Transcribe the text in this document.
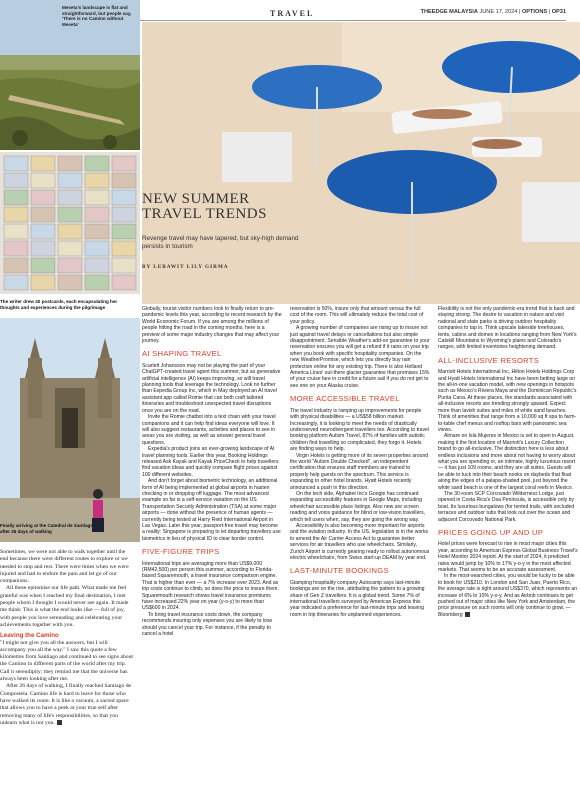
TRAVEL	THEEDGE MALAYSIA JUNE 17, 2024 | OPTIONS | OP31
Meseta's landscape is flat and straightforward, but people say, 'There is no Camino without Meseta'
The writer drew 40 postcards, each encapsulating her thoughts and experiences during the pilgrimage
Finally arriving at the Catedral de Santiago after 26 days of walking

Sometimes, we were not able to walk together until the end because there were different routes to explore or we needed to stop and rest. There were times when we were injured and had to endure the pain and let go of our companions.

All these epitomise our life path. What made me feel grateful was when I reached my final destination, I met people whom I thought I would never see again. It made me think: This is what the end looks like — full of joy, with people you love serenading and celebrating your achievements together with you.

Leaving the Camino

"I might not give you all the answers, but I will accompany you all the way." I saw this quote a few kilometres from Santiago and continued to see signs about the Camino in different parts of the world after my trip. Call it serendipity; they remind me that the universe has always been looking after me.

After 26 days of walking, I finally reached Santiago de Compostela. Camino life is hard to leave for those who have walked its route. It is like a vacuum, a sacred space that allows you to have a peek at your true self after removing many of life's responsibilities, so that you unlearn what is not you. ■

NEW SUMMER
TRAVEL TRENDS
Revenge travel may have tapered, but sky-high demand persists in tourism
BY LEBAWIT LILY GIRMA

Globally, tourist visitor numbers look to finally return to pre-pandemic levels this year, according to recent research by the World Economic Forum. If you are among the millions of people hitting the road in the coming months, here is a preview of some major industry changes that may affect your journey.

AI SHAPING TRAVEL

Scarlett Johansson may not be playing the part of your ChatGPT-created travel agent this summer, but as generative artificial intelligence (AI) keeps improving, so will travel planning tools that leverage the technology. Look no further than Expedia Group Inc, which in May deployed an AI travel assistant app called Romie that can both craft tailored itineraries and troubleshoot unexpected travel disruptions once you are on the road.

Invite the Romie chatbot into a text chain with your travel companions and it can help find ideas everyone will love. It will also suggest restaurants, activities and places to see in areas you are visiting, as well as answer general travel questions.

Expedia's product joins an ever-growing landscape of AI travel planning tools. Earlier this year, Booking Holdings released Ask Kayak and Kayak PriceCheck to help travellers find vacation ideas and quickly compare flight prices against 100 different websites.

And don't forget about biometric technology, an additional form of AI being implemented at global airports in hasten checking in or dropping off luggage. The most advanced example so far is a self-service variation on the US Transportation Security Administration (TSA) at some major airports — done without the presence of human agents — currently being tested at Harry Reid International Airport in Las Vegas. Later this year, passport-free travel may become a reality: Singapore is preparing to let departing travellers use biometrics in lieu of physical ID to clear border control.

FIVE-FIGURE TRIPS

International trips are averaging more than US$9,000 (RM42,500) per person this summer, according to Florida-based Squaremouth, a travel insurance comparison engine. That is higher than ever — a 7% increase over 2023. And as trip costs continue to climb, so does the price to insure them. Squaremouth research shows travel insurance premiums have increased 22% year on year (y-o-y) to more than US$600 in 2024.

To bring travel insurance costs down, the company recommends insuring only expenses you are likely to lose should you cancel your trip. For instance, if the penalty to cancel a hotel

reservation is 50%, insure only that amount versus the full cost of the room. This will ultimately reduce the total cost of your policy.

A growing number of companies are rising up to insure not just against travel delays or cancellations but also simple disappointment. Sensible Weather's add-on guarantee to your reservation ensures you will get a refund if it rains on your trip when you book with specific hospitality companies. On the new WeatherPromise, which lets you directly buy rain protection online for any existing trip. There is also Holland America Lines' out-there glacier guarantee that promises 15% of your cruise fare in credit for a future sail if you do not get to see one on your Alaska cruise.

MORE ACCESSIBLE TRAVEL

The travel industry is ramping up improvements for people with physical disabilities — a US$58 billion market. Increasingly, it is looking to meet the needs of drastically underserved neurodivergent travellers too. According to travel booking platform Autism Travel, 87% of families with autistic children find travelling so complicated, they forgo it. Hotels are finding ways to help.

Virgin Hotels is getting more of its seven properties around the world "Autism Double Checked", an independent certification that ensures staff members are trained to properly help guests on the spectrum. This service is expanding to other hotel brands. Hyatt Hotels recently announced a push in this direction.

On the tech side, Alphabet Inc's Google has continued expanding accessibility features in Google Maps, including wheelchair accessible place listings. Also new are screen reading and voice guidance for blind or low-vision travellers, which tell users when, say, they are going the wrong way.

Accessibility is also becoming more important for airports and the aviation industry. In the US, legislation is in the works to amend the Air Carrier Access Act to guarantee better services for air travellers who use wheelchairs. Similarly, Zurich Airport is currently gearing ready to rollout autonomous electric wheelchairs, from Swiss start-up DEAM by year end.

LAST-MINUTE BOOKINGS

Glamping hospitality company Autocamp says last-minute bookings are on the rise, attributing the pattern to a growing share of Gen Z travellers. It is a global trend. Some 7% of international travellers surveyed by American Express this year indicated a preference for last-minute trips and leaving room in trip itineraries for unplanned experiences.

Flexibility is not the only pandemic-era trend that is back and staying strong. The desire to vacation in nature and visit national and state parks is driving outdoor hospitality companies to tap in. Think upscale lakeside treehouses, tents, cabins and domes in locations ranging from New York's Catskill Mountains to Wyoming's plains and Colorado's ranges, with limited inventories heightening demand.

ALL-INCLUSIVE RESORTS

Marriott Hotels International Inc, Hilton Hotels Holdings Corp and Hyatt Hotels International Inc have been betting large on the all-in-one vacation model, with new openings in hotspots such as Mexico's Riviera Maya and the Dominican Republic's Punta Cana. At these places, the standards associated with all-inclusive resorts are trending strongly upward. Expect more than lavish suites and miles of white sand beaches. Think of amenities that range from a 10,000 sq ft spa to farm-to-table chef menus and rooftop bars with panoramic sea views.

Almare on Isla Mujeres in Mexico is set to open in August, making it the first location of Marriott's Luxury Collection brand to go all-inclusive. The distinction here is less about endless inclusions and more about not having to worry about what you are spending or, an intimate, highly luxurious resort — it has just 109 rooms, and they are all suites. Guests will be able to tuck into their beach nooks on daybeds that float along the edges of a palapa-shaded pool, just beyond the white sand beach is one of the largest coral reefs in Mexico.

The 30-room SCP Corcovado Wilderness Lodge, just opened in Costa Rica's Osa Peninsula, is accessible only by boat. Its luxurious bungalows (for tented trails, with secluded terraces and outdoor tubs that look out over the ocean and adjacent Corcovado National Park.

PRICES GOING UP AND UP

Hotel prices were forecast to rise in most major cities this year, according to American Express Global Business Travel's Hotel Monitor 2024 report. At the start of 2024, it predicted rates would jump by 10% to 17% y-o-y in the most affected markets. That seems to be an accurate assessment.

In the most-searched cities, you would be lucky to be able to book for US$210. In London and San Juan, Puerto Rico, the average rate is right around US$370, which represents an increase of 6% to 10% y-o-y. And as Airbnb continues to get pushed out of major cities like New York and Amsterdam, the price pressure on such rooms will only continue to grow. — Bloomberg ■
